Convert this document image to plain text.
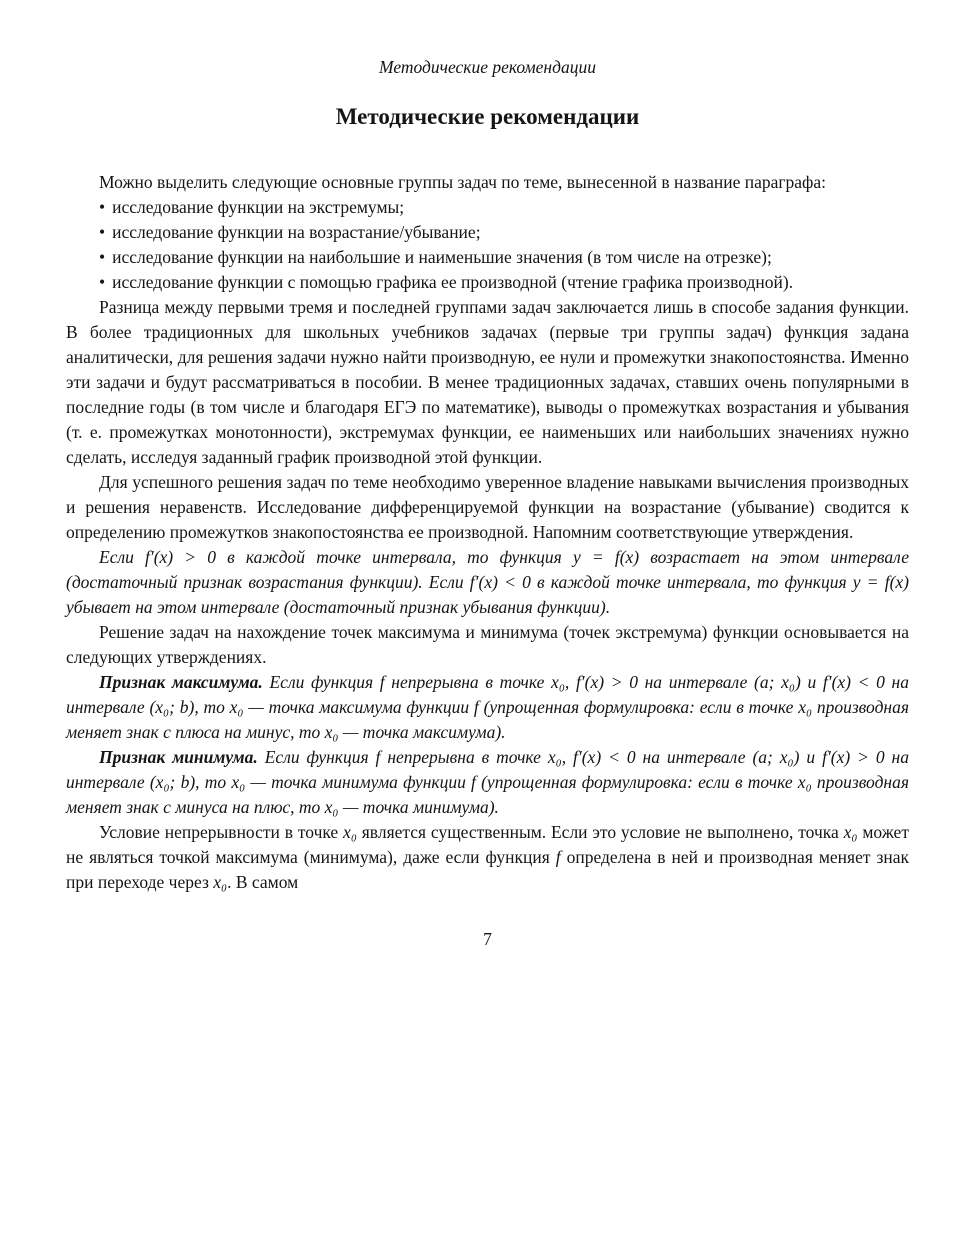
Методические рекомендации
Методические рекомендации

Можно выделить следующие основные группы задач по теме, вынесенной в название параграфа:

• исследование функции на экстремумы;

• исследование функции на возрастание/убывание;

• исследование функции на наибольшие и наименьшие значения (в том числе на отрезке);

• исследование функции с помощью графика ее производной (чтение графика производной).

Разница между первыми тремя и последней группами задач заключается лишь в способе задания функции. В более традиционных для школьных учебников задачах (первые три группы задач) функция задана аналитически, для решения задачи нужно найти производную, ее нули и промежутки знакопостоянства. Именно эти задачи и будут рассматриваться в пособии. В менее традиционных задачах, ставших очень популярными в последние годы (в том числе и благодаря ЕГЭ по математике), выводы о промежутках возрастания и убывания (т. е. промежутках монотонности), экстремумах функции, ее наименьших или наибольших значениях нужно сделать, исследуя заданный график производной этой функции.

Для успешного решения задач по теме необходимо уверенное владение навыками вычисления производных и решения неравенств. Исследование дифференцируемой функции на возрастание (убывание) сводится к определению промежутков знакопостоянства ее производной. Напомним соответствующие утверждения.

Если f′(x) > 0 в каждой точке интервала, то функция y = f(x) возрастает на этом интервале (достаточный признак возрастания функции). Если f′(x) < 0 в каждой точке интервала, то функция y = f(x) убывает на этом интервале (достаточный признак убывания функции).

Решение задач на нахождение точек максимума и минимума (точек экстремума) функции основывается на следующих утверждениях.

Признак максимума. Если функция f непрерывна в точке x₀, f′(x) > 0 на интервале (a; x₀) и f′(x) < 0 на интервале (x₀; b), то x₀ — точка максимума функции f (упрощенная формулировка: если в точке x₀ производная меняет знак с плюса на минус, то x₀ — точка максимума).

Признак минимума. Если функция f непрерывна в точке x₀, f′(x) < 0 на интервале (a; x₀) и f′(x) > 0 на интервале (x₀; b), то x₀ — точка минимума функции f (упрощенная формулировка: если в точке x₀ производная меняет знак с минуса на плюс, то x₀ — точка минимума).

Условие непрерывности в точке x₀ является существенным. Если это условие не выполнено, точка x₀ может не являться точкой максимума (минимума), даже если функция f определена в ней и производная меняет знак при переходе через x₀. В самом

7
